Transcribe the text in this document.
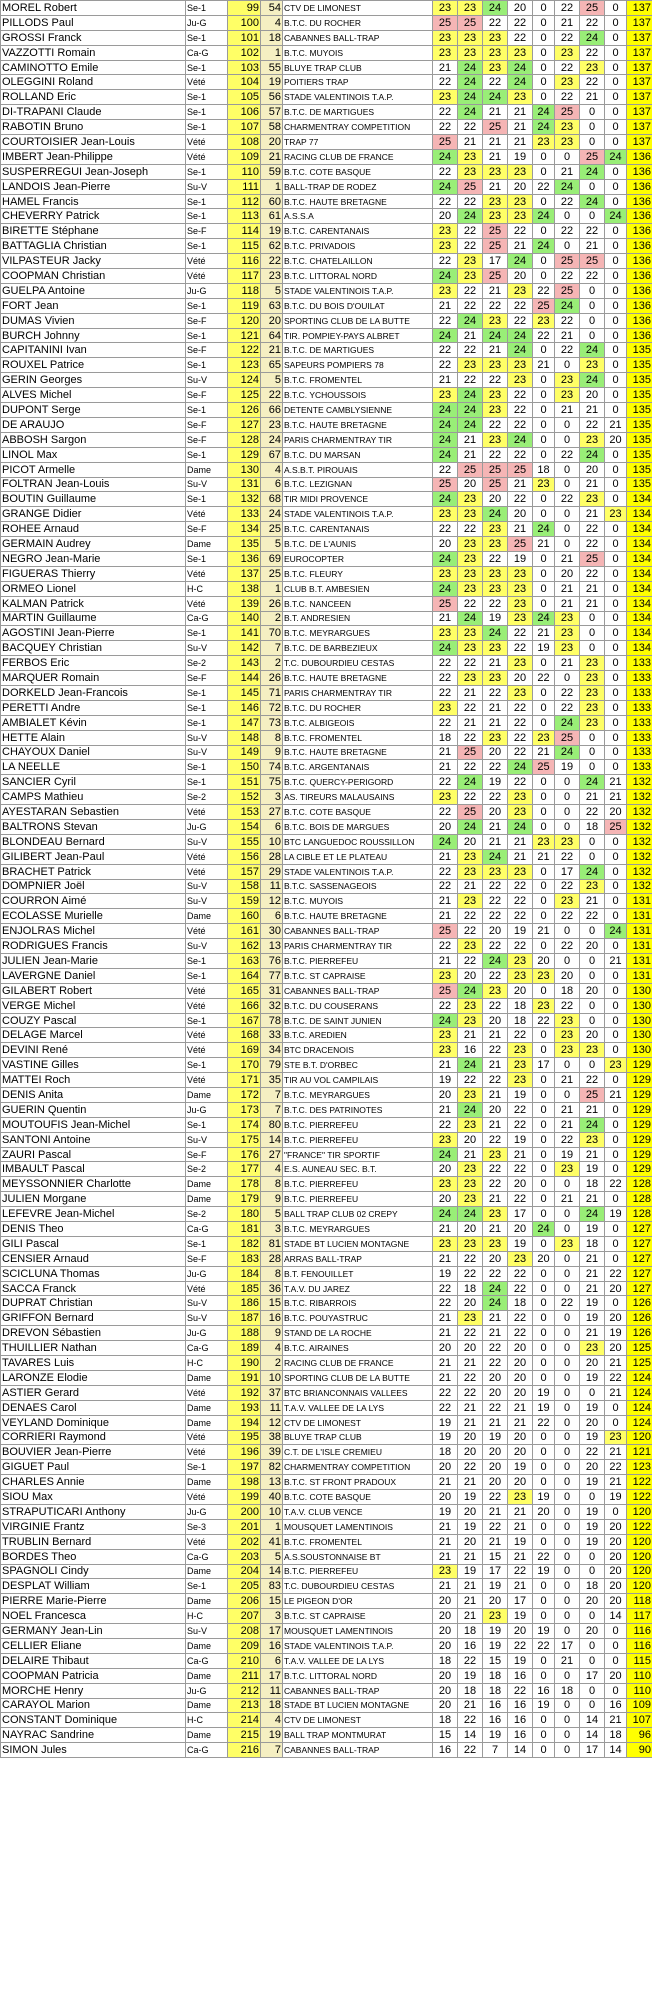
MOREL Robert	Se-1	99	54	CTV DE LIMONEST	23	23	24	20	0	22	25	0	137
PILLODS Paul	Ju-G	100	4	B.T.C. DU ROCHER	25	25	22	22	0	21	22	0	137
GROSSI Franck	Se-1	101	18	CABANNES BALL-TRAP	23	23	23	22	0	22	24	0	137
VAZZOTTI Romain	Ca-G	102	1	B.T.C. MUYOIS	23	23	23	23	0	23	22	0	137
CAMINOTTO Emile	Se-1	103	55	BLUYE TRAP CLUB	21	24	23	24	0	22	23	0	137
OLEGGINI Roland	Vété	104	19	POITIERS TRAP	22	24	22	24	0	23	22	0	137
ROLLAND Eric	Se-1	105	56	STADE VALENTINOIS T.A.P.	23	24	24	23	0	22	21	0	137
DI-TRAPANI Claude	Se-1	106	57	B.T.C. DE MARTIGUES	22	24	21	21	24	25	0	0	137
RABOTIN Bruno	Se-1	107	58	CHARMENTRAY COMPETITION	22	22	25	21	24	23	0	0	137
COURTOISIER Jean-Louis	Vété	108	20	TRAP 77	25	21	21	21	23	23	0	0	137
IMBERT Jean-Philippe	Vété	109	21	RACING CLUB DE FRANCE	24	23	21	19	0	0	25	24	136
SUSPERREGUI Jean-Joseph	Se-1	110	59	B.T.C. COTE BASQUE	22	23	23	23	0	21	24	0	136
LANDOIS Jean-Pierre	Su-V	111	1	BALL-TRAP DE RODEZ	24	25	21	20	22	24	0	0	136
HAMEL Francis	Se-1	112	60	B.T.C. HAUTE BRETAGNE	22	22	23	23	0	22	24	0	136
CHEVERRY Patrick	Se-1	113	61	A.S.S.A	20	24	23	23	24	0	0	24	136
BIRETTE Stéphane	Se-F	114	19	B.T.C. CARENTANAIS	23	22	25	22	0	22	22	0	136
BATTAGLIA Christian	Se-1	115	62	B.T.C. PRIVADOIS	23	22	25	21	24	0	21	0	136
VILPASTEUR Jacky	Vété	116	22	B.T.C. CHATELAILLON	22	23	17	24	0	25	25	0	136
COOPMAN Christian	Vété	117	23	B.T.C. LITTORAL NORD	24	23	25	20	0	22	22	0	136
GUELPA Antoine	Ju-G	118	5	STADE VALENTINOIS T.A.P.	23	22	21	23	22	25	0	0	136
FORT Jean	Se-1	119	63	B.T.C. DU BOIS D'OUILAT	21	22	22	22	25	24	0	0	136
DUMAS Vivien	Se-F	120	20	SPORTING CLUB DE LA BUTTE	22	24	23	22	23	22	0	0	136
BURCH Johnny	Se-1	121	64	TIR. POMPIEY-PAYS ALBRET	24	21	24	24	22	21	0	0	136
CAPITANINI Ivan	Se-F	122	21	B.T.C. DE MARTIGUES	22	22	21	24	0	22	24	0	135
ROUXEL Patrice	Se-1	123	65	SAPEURS POMPIERS 78	22	23	23	23	21	0	23	0	135
GERIN Georges	Su-V	124	5	B.T.C. FROMENTEL	21	22	22	23	0	23	24	0	135
ALVES Michel	Se-F	125	22	B.T.C. YCHOUSSOIS	23	24	23	22	0	23	20	0	135
DUPONT Serge	Se-1	126	66	DETENTE CAMBLYSIENNE	24	24	23	22	0	21	21	0	135
DE ARAUJO	Se-F	127	23	B.T.C. HAUTE BRETAGNE	24	24	22	22	0	0	22	21	135
ABBOSH Sargon	Se-F	128	24	PARIS CHARMENTRAY TIR	24	21	23	24	0	0	23	20	135
LINOL Max	Se-1	129	67	B.T.C. DU MARSAN	24	21	22	22	0	22	24	0	135
PICOT Armelle	Dame	130	4	A.S.B.T. PIROUAIS	22	25	25	25	18	0	20	0	135
FOLTRAN Jean-Louis	Su-V	131	6	B.T.C. LEZIGNAN	25	20	25	21	23	0	21	0	135
BOUTIN Guillaume	Se-1	132	68	TIR MIDI PROVENCE	24	23	20	22	0	22	23	0	134
GRANGE Didier	Vété	133	24	STADE VALENTINOIS T.A.P.	23	23	24	20	0	0	21	23	134
ROHEE Arnaud	Se-F	134	25	B.T.C. CARENTANAIS	22	22	23	21	24	0	22	0	134
GERMAIN Audrey	Dame	135	5	B.T.C. DE L'AUNIS	20	23	23	25	21	0	22	0	134
NEGRO Jean-Marie	Se-1	136	69	EUROCOPTER	24	23	22	19	0	21	25	0	134
FIGUERAS Thierry	Vété	137	25	B.T.C. FLEURY	23	23	23	23	0	20	22	0	134
ORMEO Lionel	H-C	138	1	CLUB B.T. AMBESIEN	24	23	23	23	0	21	21	0	134
KALMAN Patrick	Vété	139	26	B.T.C. NANCEEN	25	22	22	23	0	21	21	0	134
MARTIN Guillaume	Ca-G	140	2	B.T. ANDRESIEN	21	24	19	23	24	23	0	0	134
AGOSTINI Jean-Pierre	Se-1	141	70	B.T.C. MEYRARGUES	23	23	24	22	21	23	0	0	134
BACQUEY Christian	Su-V	142	7	B.T.C. DE BARBEZIEUX	24	23	23	22	19	23	0	0	134
FERBOS Eric	Se-2	143	2	T.C. DUBOURDIEU CESTAS	22	22	21	23	0	21	23	0	133
MARQUER Romain	Se-F	144	26	B.T.C. HAUTE BRETAGNE	22	23	23	20	22	0	23	0	133
DORKELD Jean-Francois	Se-1	145	71	PARIS CHARMENTRAY TIR	22	21	22	23	0	22	23	0	133
PERETTI Andre	Se-1	146	72	B.T.C. DU ROCHER	23	22	21	22	0	22	23	0	133
AMBIALET Kévin	Se-1	147	73	B.T.C. ALBIGEOIS	22	21	21	22	0	24	23	0	133
HETTE Alain	Su-V	148	8	B.T.C. FROMENTEL	18	22	23	22	23	25	0	0	133
CHAYOUX Daniel	Su-V	149	9	B.T.C. HAUTE BRETAGNE	21	25	20	22	21	24	0	0	133
LA NEELLE	Se-1	150	74	B.T.C. ARGENTANAIS	21	22	22	24	25	19	0	0	133
SANCIER Cyril	Se-1	151	75	B.T.C. QUERCY-PERIGORD	22	24	19	22	0	0	24	21	132
CAMPS Mathieu	Se-2	152	3	AS. TIREURS MALAUSAINS	23	22	22	23	0	0	21	21	132
AYESTARAN Sebastien	Vété	153	27	B.T.C. COTE BASQUE	22	25	20	23	0	0	22	20	132
BALTRONS Stevan	Ju-G	154	6	B.T.C. BOIS DE MARGUES	20	24	21	24	0	0	18	25	132
BLONDEAU Bernard	Su-V	155	10	BTC LANGUEDOC ROUSSILLON	24	20	21	21	23	23	0	0	132
GILIBERT Jean-Paul	Vété	156	28	LA CIBLE ET LE PLATEAU	21	23	24	21	21	22	0	0	132
BRACHET Patrick	Vété	157	29	STADE VALENTINOIS T.A.P.	22	23	23	23	0	17	24	0	132
DOMPNIER Joël	Su-V	158	11	B.T.C. SASSENAGEOIS	22	21	22	22	0	22	23	0	132
COURRON Aimé	Su-V	159	12	B.T.C. MUYOIS	21	23	22	22	0	23	21	0	131
ECOLASSE Murielle	Dame	160	6	B.T.C. HAUTE BRETAGNE	21	22	22	22	0	22	22	0	131
ENJOLRAS Michel	Vété	161	30	CABANNES BALL-TRAP	25	22	20	19	21	0	0	24	131
RODRIGUES Francis	Su-V	162	13	PARIS CHARMENTRAY TIR	22	23	22	22	0	22	20	0	131
JULIEN Jean-Marie	Se-1	163	76	B.T.C. PIERREFEU	21	22	24	23	20	0	0	21	131
LAVERGNE Daniel	Se-1	164	77	B.T.C. ST CAPRAISE	23	20	22	23	23	20	0	0	131
GILABERT Robert	Vété	165	31	CABANNES BALL-TRAP	25	24	23	20	0	18	20	0	130
VERGE Michel	Vété	166	32	B.T.C. DU COUSERANS	22	23	22	18	23	22	0	0	130
COUZY Pascal	Se-1	167	78	B.T.C. DE SAINT JUNIEN	24	23	20	18	22	23	0	0	130
DELAGE Marcel	Vété	168	33	B.T.C. AREDIEN	23	21	21	22	0	23	20	0	130
DEVINI René	Vété	169	34	BTC DRACENOIS	23	16	22	23	0	23	23	0	130
VASTINE Gilles	Se-1	170	79	STE B.T. D'ORBEC	21	24	21	23	17	0	0	23	129
MATTEI Roch	Vété	171	35	TIR AU VOL CAMPILAIS	19	22	22	23	0	21	22	0	129
DENIS Anita	Dame	172	7	B.T.C. MEYRARGUES	20	23	21	19	0	0	25	21	129
GUERIN Quentin	Ju-G	173	7	B.T.C. DES PATRINOTES	21	24	20	22	0	21	21	0	129
MOUTOUFIS Jean-Michel	Se-1	174	80	B.T.C. PIERREFEU	22	23	21	22	0	21	24	0	129
SANTONI Antoine	Su-V	175	14	B.T.C. PIERREFEU	23	20	22	19	0	22	23	0	129
ZAURI Pascal	Se-F	176	27	"FRANCE" TIR SPORTIF	24	21	23	21	0	19	21	0	129
IMBAULT Pascal	Se-2	177	4	E.S. AUNEAU SEC. B.T.	20	23	22	22	0	23	19	0	129
MEYSSONNIER Charlotte	Dame	178	8	B.T.C. PIERREFEU	23	23	22	20	0	0	18	22	128
JULIEN Morgane	Dame	179	9	B.T.C. PIERREFEU	20	23	21	22	0	21	21	0	128
LEFEVRE Jean-Michel	Se-2	180	5	BALL TRAP CLUB 02 CREPY	24	24	23	17	0	0	24	19	128
DENIS Theo	Ca-G	181	3	B.T.C. MEYRARGUES	21	20	21	20	24	0	19	0	127
GILI Pascal	Se-1	182	81	STADE BT LUCIEN MONTAGNE	23	23	23	19	0	23	18	0	127
CENSIER Arnaud	Se-F	183	28	ARRAS BALL-TRAP	21	22	20	23	20	0	21	0	127
SCICLUNA Thomas	Ju-G	184	8	B.T. FENOUILLET	19	22	22	22	0	0	21	22	127
SACCA Franck	Vété	185	36	T.A.V. DU JAREZ	22	18	24	22	0	0	21	20	127
DUPRAT Christian	Su-V	186	15	B.T.C. RIBARROIS	22	20	24	18	0	22	19	0	126
GRIFFON Bernard	Su-V	187	16	B.T.C. POUYASTRUC	21	23	21	22	0	0	19	20	126
DREVON Sébastien	Ju-G	188	9	STAND DE LA ROCHE	21	22	21	22	0	0	21	19	126
THUILLIER Nathan	Ca-G	189	4	B.T.C. AIRAINES	20	20	22	20	0	0	23	20	125
TAVARES Luis	H-C	190	2	RACING CLUB DE FRANCE	21	21	22	20	0	0	20	21	125
LARONZE Elodie	Dame	191	10	SPORTING CLUB DE LA BUTTE	21	22	20	20	0	0	19	22	124
ASTIER Gerard	Vété	192	37	BTC BRIANCONNAIS VALLEES	22	22	20	20	19	0	0	21	124
DENAES Carol	Dame	193	11	T.A.V. VALLEE DE LA LYS	22	21	22	21	19	0	19	0	124
VEYLAND Dominique	Dame	194	12	CTV DE LIMONEST	19	21	21	21	22	0	20	0	124
CORRIERI Raymond	Vété	195	38	BLUYE TRAP CLUB	19	20	19	20	0	0	19	23	120
BOUVIER Jean-Pierre	Vété	196	39	C.T. DE L'ISLE CREMIEU	18	20	20	20	0	0	22	21	121
GIGUET Paul	Se-1	197	82	CHARMENTRAY COMPETITION	20	22	20	19	0	0	20	22	123
CHARLES Annie	Dame	198	13	B.T.C. ST FRONT PRADOUX	21	21	20	20	0	0	19	21	122
SIOU Max	Vété	199	40	B.T.C. COTE BASQUE	20	19	22	23	19	0	0	19	122
STRAPUTICARI Anthony	Ju-G	200	10	T.A.V. CLUB VENCE	19	20	21	21	20	0	19	0	120
VIRGINIE Frantz	Se-3	201	1	MOUSQUET LAMENTINOIS	21	19	22	21	0	0	19	20	122
TRUBLIN Bernard	Vété	202	41	B.T.C. FROMENTEL	21	20	21	19	0	0	19	20	120
BORDES Theo	Ca-G	203	5	A.S.SOUSTONNAISE BT	21	21	15	21	22	0	0	20	120
SPAGNOLI Cindy	Dame	204	14	B.T.C. PIERREFEU	23	19	17	22	19	0	0	20	120
DESPLAT William	Se-1	205	83	T.C. DUBOURDIEU CESTAS	21	21	19	21	0	0	18	20	120
PIERRE Marie-Pierre	Dame	206	15	LE PIGEON D'OR	20	21	20	17	0	0	20	20	118
NOEL Francesca	H-C	207	3	B.T.C. ST CAPRAISE	20	21	23	19	0	0	0	14	117
GERMANY Jean-Lin	Su-V	208	17	MOUSQUET LAMENTINOIS	20	18	19	20	19	0	20	0	116
CELLIER Eliane	Dame	209	16	STADE VALENTINOIS T.A.P.	20	16	19	22	22	17	0	0	116
DELAIRE Thibaut	Ca-G	210	6	T.A.V. VALLEE DE LA LYS	18	22	15	19	0	21	0	0	115
COOPMAN Patricia	Dame	211	17	B.T.C. LITTORAL NORD	20	19	18	16	0	0	17	20	110
MORCHE Henry	Ju-G	212	11	CABANNES BALL-TRAP	20	18	18	22	16	18	0	0	110
CARAYOL Marion	Dame	213	18	STADE BT LUCIEN MONTAGNE	20	21	16	16	19	0	0	16	109
CONSTANT Dominique	H-C	214	4	CTV DE LIMONEST	18	22	16	16	0	0	14	21	107
NAYRAC Sandrine	Dame	215	19	BALL TRAP MONTMURAT	15	14	19	16	0	0	14	18	96
SIMON Jules	Ca-G	216	7	CABANNES BALL-TRAP	16	22	7	14	0	0	17	14	90
